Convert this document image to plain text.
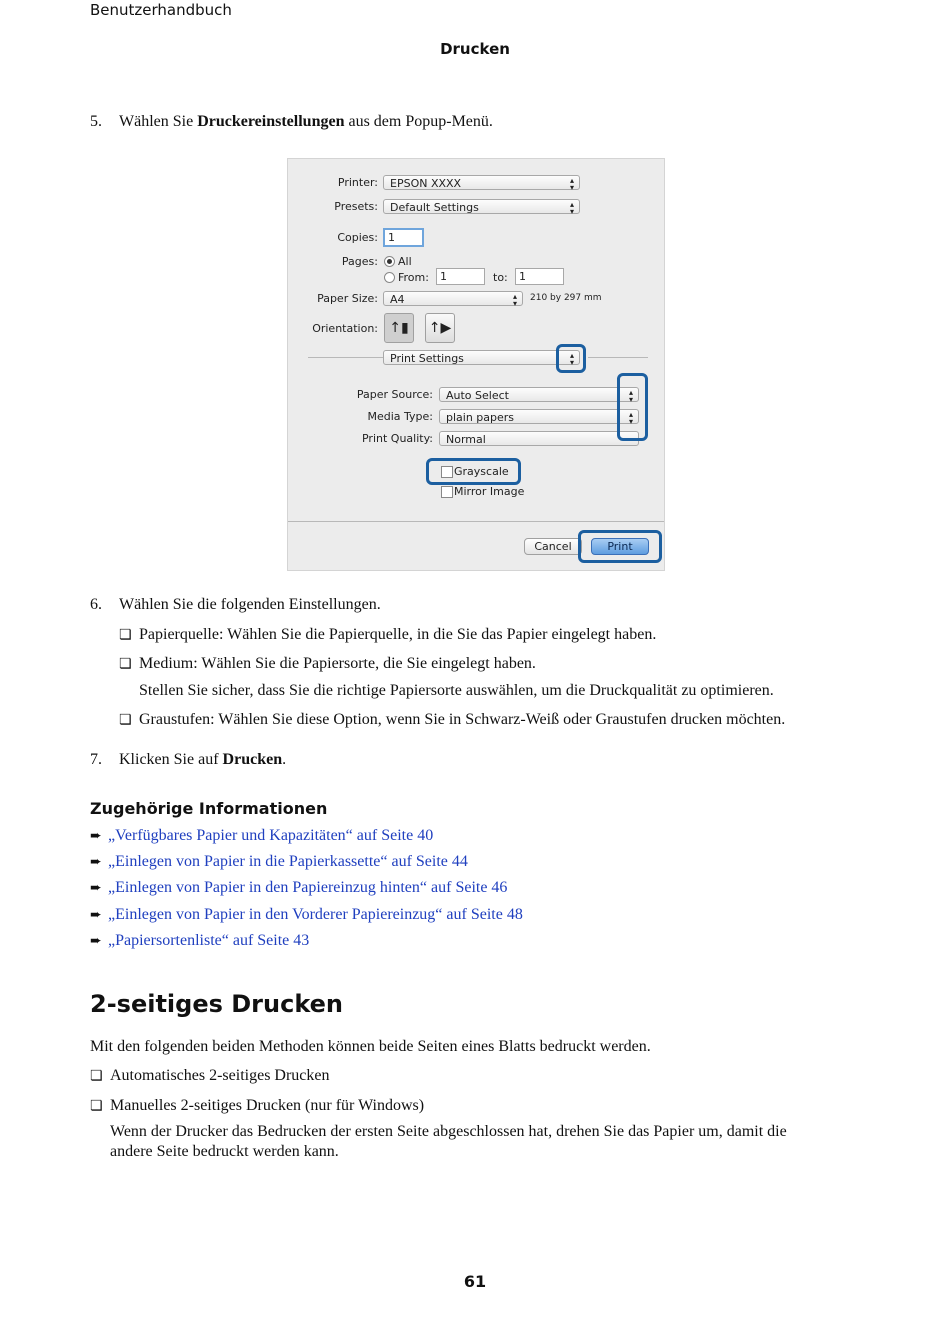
Benutzerhandbuch
Drucken
5. Wählen Sie Druckereinstellungen aus dem Popup-Menü.
Printer:	EPSON XXXX	▴
▾
Presets:	Default Settings	▴
▾
Copies: 1
Pages: All
From:	1	to:	1
Paper Size:	A4	▴
▾
210 by 297 mm
Orientation: ↑▮	↑▶
Print Settings	▴
▾
Paper Source:	Auto Select	▴
▾
Media Type:	plain papers	▴
▾
Print Quality:	Normal
Grayscale
Mirror Image
Cancel	Print
6. Wählen Sie die folgenden Einstellungen.
❏ Papierquelle: Wählen Sie die Papierquelle, in die Sie das Papier eingelegt haben.
❏ Medium: Wählen Sie die Papiersorte, die Sie eingelegt haben.
Stellen Sie sicher, dass Sie die richtige Papiersorte auswählen, um die Druckqualität zu optimieren.
❏ Graustufen: Wählen Sie diese Option, wenn Sie in Schwarz-Weiß oder Graustufen drucken möchten.
7. Klicken Sie auf Drucken.
Zugehörige Informationen
➨ „Verfügbares Papier und Kapazitäten“ auf Seite 40
➨ „Einlegen von Papier in die Papierkassette“ auf Seite 44
➨ „Einlegen von Papier in den Papiereinzug hinten“ auf Seite 46
➨ „Einlegen von Papier in den Vorderer Papiereinzug“ auf Seite 48
➨ „Papiersortenliste“ auf Seite 43
2-seitiges Drucken
Mit den folgenden beiden Methoden können beide Seiten eines Blatts bedruckt werden.
❏ Automatisches 2-seitiges Drucken
❏ Manuelles 2-seitiges Drucken (nur für Windows)
Wenn der Drucker das Bedrucken der ersten Seite abgeschlossen hat, drehen Sie das Papier um, damit die
andere Seite bedruckt werden kann.
61
